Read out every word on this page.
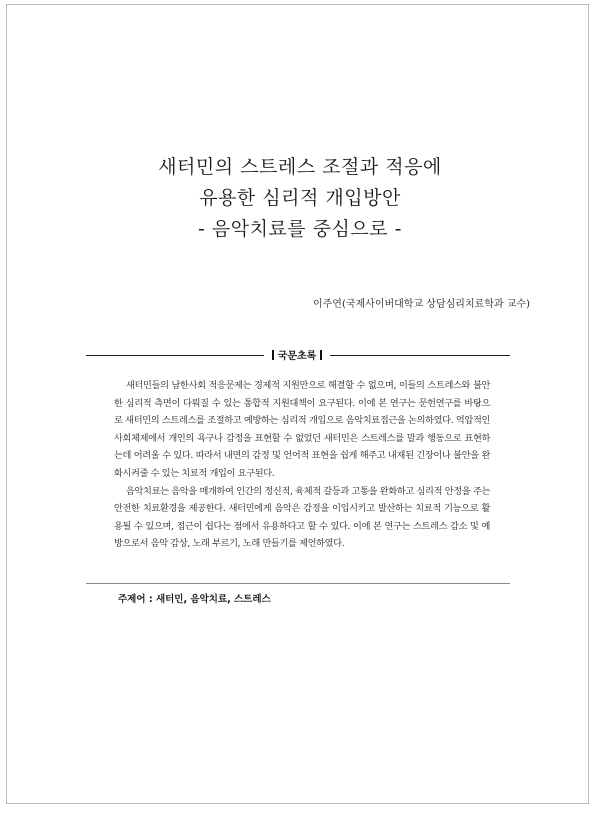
새터민의 스트레스 조절과 적응에
유용한 심리적 개입방안
- 음악치료를 중심으로 -
이주연(국제사이버대학교 상담심리치료학과 교수)
국문초록

새터민들의 남한사회 적응문제는 경제적 지원만으로 해결할 수 없으며, 이들의 스트레스와 불안한 심리적 측면이 다뤄질 수 있는 통합적 지원대책이 요구된다. 이에 본 연구는 문헌연구를 바탕으로 새터민의 스트레스를 조절하고 예방하는 심리적 개입으로 음악치료접근을 논의하였다. 억압적인 사회체제에서 개인의 욕구나 감정을 표현할 수 없었던 새터민은 스트레스를 말과 행동으로 표현하는데 어려울 수 있다. 따라서 내면의 감정 및 언어적 표현을 쉽게 해주고 내재된 긴장이나 불안을 완화시켜줄 수 있는 치료적 개입이 요구된다.

음악치료는 음악을 매개하여 인간의 정신적, 육체적 갈등과 고통을 완화하고 심리적 안정을 주는 안전한 치료환경을 제공한다. 새터민에게 음악은 감정을 이입시키고 발산하는 치료적 기능으로 활용될 수 있으며, 접근이 쉽다는 점에서 유용하다고 할 수 있다. 이에 본 연구는 스트레스 감소 및 예방으로서 음악 감상, 노래 부르기, 노래 만들기를 제언하였다.

주제어 : 새터민, 음악치료, 스트레스
